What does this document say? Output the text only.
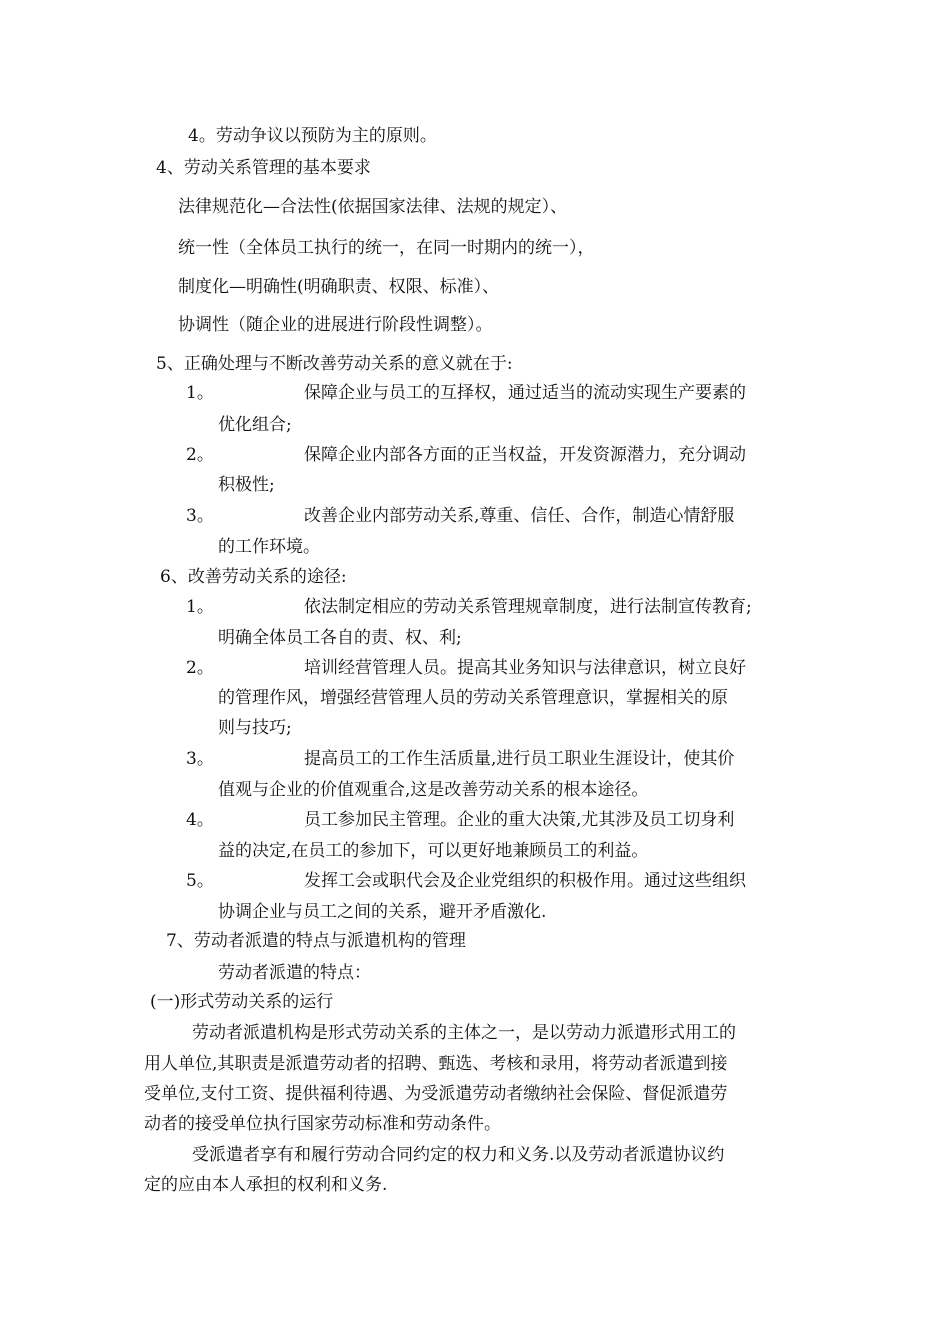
4。劳动争议以预防为主的原则。
4、劳动关系管理的基本要求
法律规范化—合法性(依据国家法律、法规的规定）、
统一性（全体员工执行的统一，在同一时期内的统一），
制度化—明确性(明确职责、权限、标准）、
协调性（随企业的进展进行阶段性调整）。
5、正确处理与不断改善劳动关系的意义就在于:
1。	保障企业与员工的互择权，通过适当的流动实现生产要素的
优化组合;
2。	保障企业内部各方面的正当权益，开发资源潜力，充分调动
积极性;
3。	改善企业内部劳动关系,尊重、信任、合作，制造心情舒服
的工作环境。
6、改善劳动关系的途径:
1。	依法制定相应的劳动关系管理规章制度，进行法制宣传教育;
明确全体员工各自的责、权、利;
2。	培训经营管理人员。提高其业务知识与法律意识，树立良好
的管理作风，增强经营管理人员的劳动关系管理意识，掌握相关的原
则与技巧;
3。	提高员工的工作生活质量,进行员工职业生涯设计，使其价
值观与企业的价值观重合,这是改善劳动关系的根本途径。
4。	员工参加民主管理。企业的重大决策,尤其涉及员工切身利
益的决定,在员工的参加下，可以更好地兼顾员工的利益。
5。	发挥工会或职代会及企业党组织的积极作用。通过这些组织
协调企业与员工之间的关系，避开矛盾激化.
7、劳动者派遣的特点与派遣机构的管理
劳动者派遣的特点：
(一)形式劳动关系的运行
劳动者派遣机构是形式劳动关系的主体之一，是以劳动力派遣形式用工的
用人单位,其职责是派遣劳动者的招聘、甄选、考核和录用，将劳动者派遣到接
受单位,支付工资、提供福利待遇、为受派遣劳动者缴纳社会保险、督促派遣劳
动者的接受单位执行国家劳动标准和劳动条件。
受派遣者享有和履行劳动合同约定的权力和义务.以及劳动者派遣协议约
定的应由本人承担的权利和义务.
